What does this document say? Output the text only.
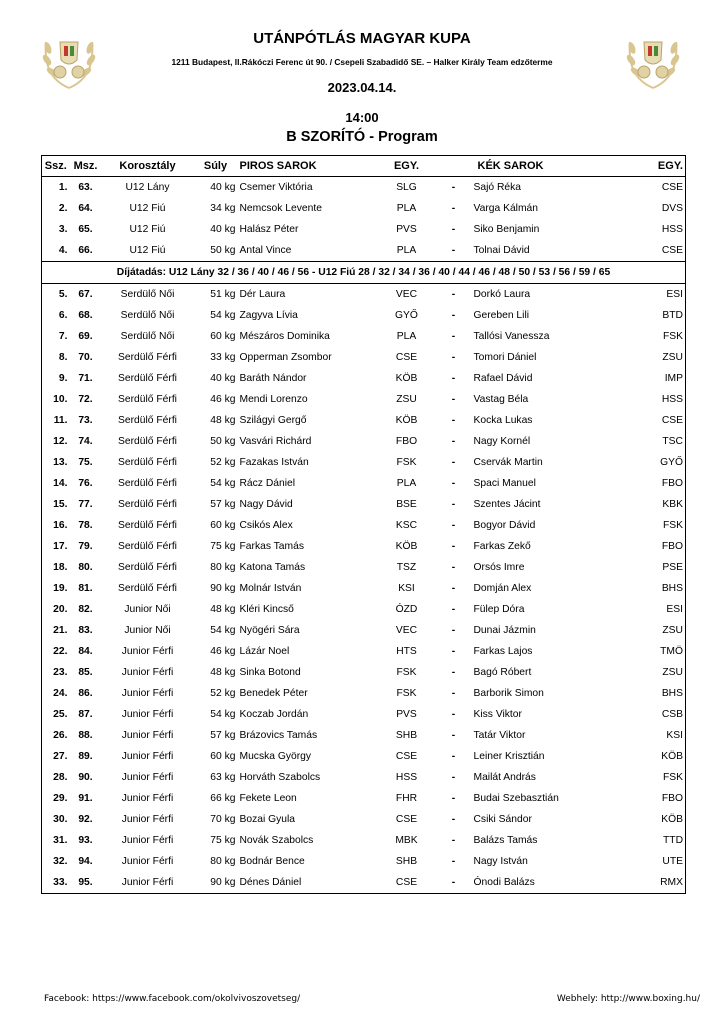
UTÁNPÓTLÁS MAGYAR KUPA
1211 Budapest, II.Rákóczi Ferenc út 90. / Csepeli Szabadidő SE. – Halker Király Team edzőterme
2023.04.14.
14:00
B SZORÍTÓ - Program
Ssz.	Msz.	Korosztály	Súly	PIROS SAROK	EGY.		KÉK SAROK	EGY.
1.	63.	U12 Lány	40 kg	Csemer Viktória	SLG	-	Sajó Réka	CSE
2.	64.	U12 Fiú	34 kg	Nemcsok Levente	PLA	-	Varga Kálmán	DVS
3.	65.	U12 Fiú	40 kg	Halász Péter	PVS	-	Siko Benjamin	HSS
4.	66.	U12 Fiú	50 kg	Antal Vince	PLA	-	Tolnai Dávid	CSE
Díjátadás: U12 Lány 32 / 36 / 40 / 46 / 56 - U12 Fiú 28 / 32 / 34 / 36 / 40 / 44 / 46 / 48 / 50 / 53 / 56 / 59 / 65								
5.	67.	Serdülő Női	51 kg	Dér Laura	VEC	-	Dorkó Laura	ESI
6.	68.	Serdülő Női	54 kg	Zagyva Lívia	GYŐ	-	Gereben Lili	BTD
7.	69.	Serdülő Női	60 kg	Mészáros Dominika	PLA	-	Tallósi Vanessza	FSK
8.	70.	Serdülő Férfi	33 kg	Opperman Zsombor	CSE	-	Tomori Dániel	ZSU
9.	71.	Serdülő Férfi	40 kg	Baráth Nándor	KÖB	-	Rafael Dávid	IMP
10.	72.	Serdülő Férfi	46 kg	Mendi Lorenzo	ZSU	-	Vastag Béla	HSS
11.	73.	Serdülő Férfi	48 kg	Szilágyi Gergő	KÖB	-	Kocka Lukas	CSE
12.	74.	Serdülő Férfi	50 kg	Vasvári Richárd	FBO	-	Nagy Kornél	TSC
13.	75.	Serdülő Férfi	52 kg	Fazakas István	FSK	-	Cservák Martin	GYŐ
14.	76.	Serdülő Férfi	54 kg	Rácz Dániel	PLA	-	Spaci Manuel	FBO
15.	77.	Serdülő Férfi	57 kg	Nagy Dávid	BSE	-	Szentes Jácint	KBK
16.	78.	Serdülő Férfi	60 kg	Csikós Alex	KSC	-	Bogyor Dávid	FSK
17.	79.	Serdülő Férfi	75 kg	Farkas Tamás	KÖB	-	Farkas Zekő	FBO
18.	80.	Serdülő Férfi	80 kg	Katona Tamás	TSZ	-	Orsós Imre	PSE
19.	81.	Serdülő Férfi	90 kg	Molnár István	KSI	-	Domján Alex	BHS
20.	82.	Junior Női	48 kg	Kléri Kincső	ÓZD	-	Fülep Dóra	ESI
21.	83.	Junior Női	54 kg	Nyögéri Sára	VEC	-	Dunai Jázmin	ZSU
22.	84.	Junior Férfi	46 kg	Lázár Noel	HTS	-	Farkas Lajos	TMÖ
23.	85.	Junior Férfi	48 kg	Sinka Botond	FSK	-	Bagó Róbert	ZSU
24.	86.	Junior Férfi	52 kg	Benedek Péter	FSK	-	Barborik Simon	BHS
25.	87.	Junior Férfi	54 kg	Koczab Jordán	PVS	-	Kiss Viktor	CSB
26.	88.	Junior Férfi	57 kg	Brázovics Tamás	SHB	-	Tatár Viktor	KSI
27.	89.	Junior Férfi	60 kg	Mucska György	CSE	-	Leiner Krisztián	KÖB
28.	90.	Junior Férfi	63 kg	Horváth Szabolcs	HSS	-	Mailát András	FSK
29.	91.	Junior Férfi	66 kg	Fekete Leon	FHR	-	Budai Szebasztián	FBO
30.	92.	Junior Férfi	70 kg	Bozai Gyula	CSE	-	Csiki Sándor	KÖB
31.	93.	Junior Férfi	75 kg	Novák Szabolcs	MBK	-	Balázs Tamás	TTD
32.	94.	Junior Férfi	80 kg	Bodnár Bence	SHB	-	Nagy István	UTE
33.	95.	Junior Férfi	90 kg	Dénes Dániel	CSE	-	Ónodi Balázs	RMX
Facebook: https://www.facebook.com/okolvivoszovetseg/	Webhely: http://www.boxing.hu/
